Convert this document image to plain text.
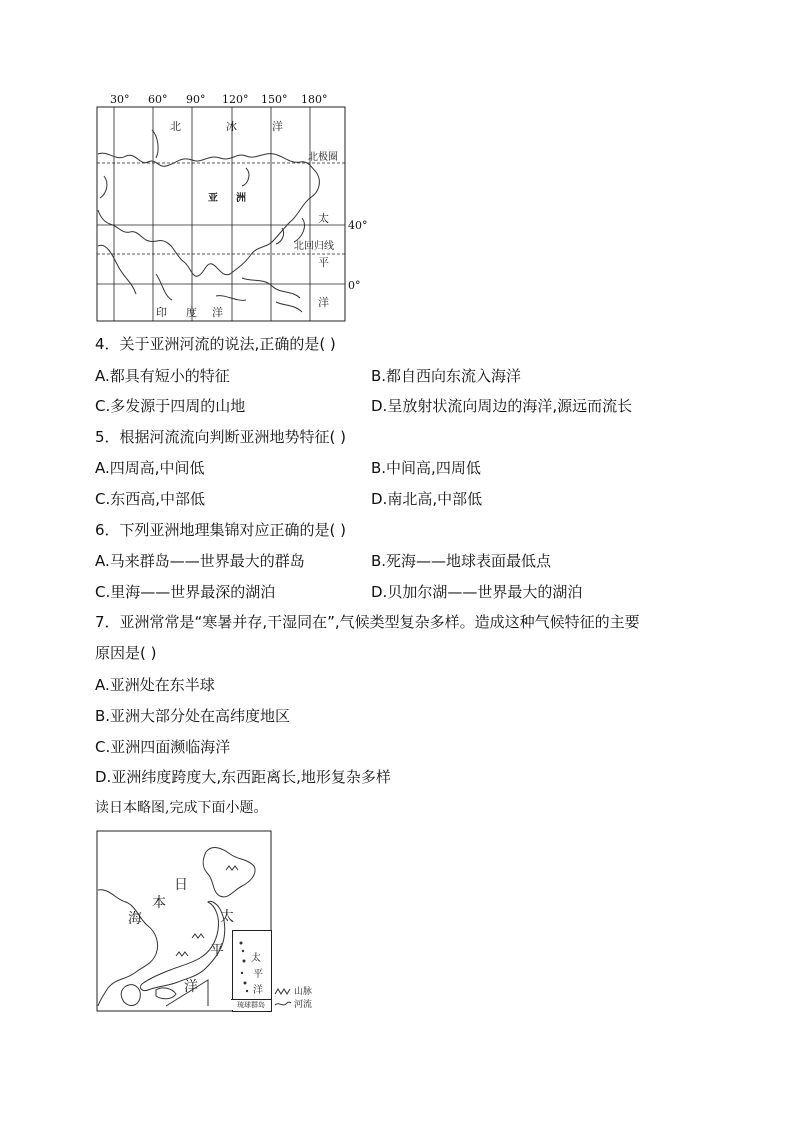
30° 60° 90° 120° 150° 180°
北	冰	洋
北极圈
亚 洲
太
北回归线
平
洋
印 度 洋
40°
0°
4．关于亚洲河流的说法,正确的是( )
A.都具有短小的特征	B.都自西向东流入海洋
C.多发源于四周的山地	D.呈放射状流向周边的海洋,源远而流长
5．根据河流流向判断亚洲地势特征( )
A.四周高,中间低	B.中间高,四周低
C.东西高,中部低	D.南北高,中部低
6．下列亚洲地理集锦对应正确的是( )
A.马来群岛——世界最大的群岛	B.死海——地球表面最低点
C.里海——世界最深的湖泊	D.贝加尔湖——世界最大的湖泊
7．亚洲常常是“寒暑并存,干湿同在”,气候类型复杂多样。造成这种气候特征的主要
原因是( )
A.亚洲处在东半球
B.亚洲大部分处在高纬度地区
C.亚洲四面濒临海洋
D.亚洲纬度跨度大,东西距离长,地形复杂多样
读日本略图,完成下面小题。
日
本
海	太
平
洋
太
平
洋
琉球群岛
山脉
河流
